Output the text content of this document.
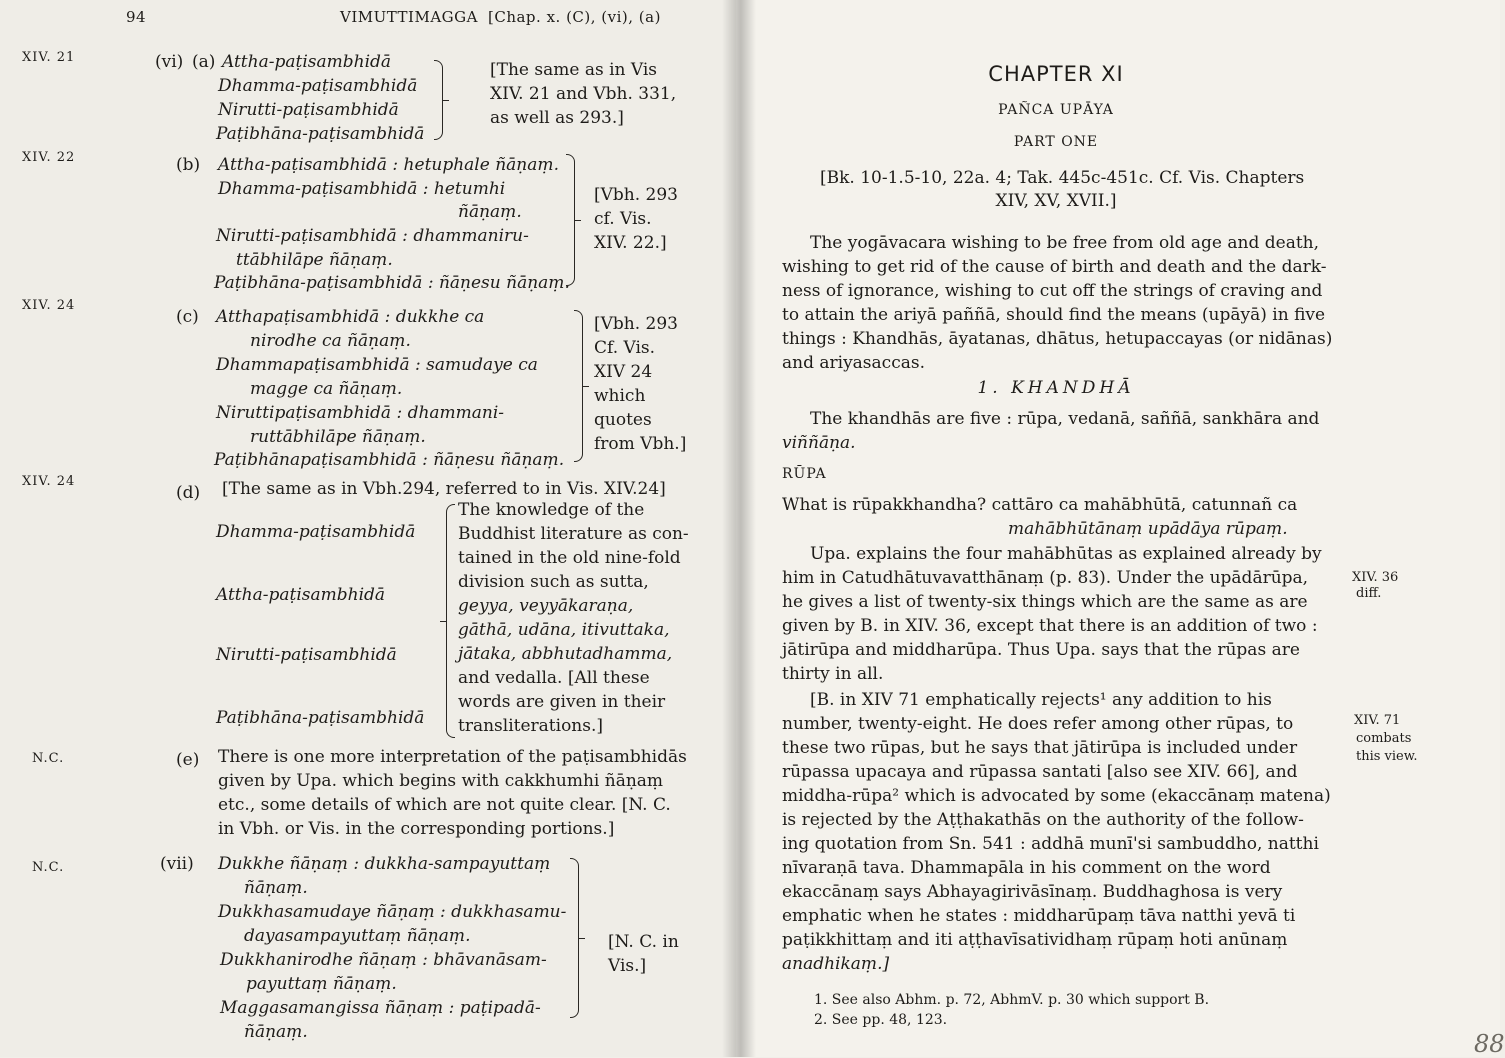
94	VIMUTTIMAGGA [Chap. x. (C), (vi), (a)
XIV. 21
XIV. 22
XIV. 24
XIV. 24
N.C.
N.C.
(vi) (a) Attha-paṭisambhidā
Dhamma-paṭisambhidā
Nirutti-paṭisambhidā
Paṭibhāna-paṭisambhidā
[The same as in Vis
XIV. 21 and Vbh. 331,
as well as 293.]
(b) Attha-paṭisambhidā : hetuphale ñāṇaṃ.
Dhamma-paṭisambhidā : hetumhi
ñāṇaṃ.
Nirutti-paṭisambhidā : dhammaniru-
ttābhilāpe ñāṇaṃ.
Paṭibhāna-paṭisambhidā : ñāṇesu ñāṇaṃ.
[Vbh. 293
cf. Vis.
XIV. 22.]
(c) Atthapaṭisambhidā : dukkhe ca
nirodhe ca ñāṇaṃ.
Dhammapaṭisambhidā : samudaye ca
magge ca ñāṇaṃ.
Niruttipaṭisambhidā : dhammani-
ruttābhilāpe ñāṇaṃ.
Paṭibhānapaṭisambhidā : ñāṇesu ñāṇaṃ.
[Vbh. 293
Cf. Vis.
XIV 24
which
quotes
from Vbh.]
(d) [The same as in Vbh.294, referred to in Vis. XIV.24]
Dhamma-paṭisambhidā
Attha-paṭisambhidā
Nirutti-paṭisambhidā
Paṭibhāna-paṭisambhidā
The knowledge of the
Buddhist literature as con-
tained in the old nine-fold
division such as sutta,
geyya, veyyākaraṇa,
gāthā, udāna, itivuttaka,
jātaka, abbhutadhamma,
and vedalla. [All these
words are given in their
transliterations.]
(e) There is one more interpretation of the paṭisambhidās
given by Upa. which begins with cakkhumhi ñāṇaṃ
etc., some details of which are not quite clear. [N. C.
in Vbh. or Vis. in the corresponding portions.]
(vii) Dukkhe ñāṇaṃ : dukkha-sampayuttaṃ
ñāṇaṃ.
Dukkhasamudaye ñāṇaṃ : dukkhasamu-
dayasampayuttaṃ ñāṇaṃ.
Dukkhanirodhe ñāṇaṃ : bhāvanāsam-
payuttaṃ ñāṇaṃ.
Maggasamangissa ñāṇaṃ : paṭipadā-
ñāṇaṃ.
[N. C. in
Vis.]
CHAPTER XI
PAÑCA UPĀYA
PART ONE
[Bk. 10-1.5-10, 22a. 4; Tak. 445c-451c. Cf. Vis. Chapters
XIV, XV, XVII.]
The yogāvacara wishing to be free from old age and death,
wishing to get rid of the cause of birth and death and the dark-
ness of ignorance, wishing to cut off the strings of craving and
to attain the ariyā paññā, should find the means (upāyā) in five
things : Khandhās, āyatanas, dhātus, hetupaccayas (or nidānas)
and ariyasaccas.
1. KHANDHĀ
The khandhās are five : rūpa, vedanā, saññā, sankhāra and
viññāṇa.
RŪPA
What is rūpakkhandha? cattāro ca mahābhūtā, catunnañ ca
mahābhūtānaṃ upādāya rūpaṃ.
Upa. explains the four mahābhūtas as explained already by
him in Catudhātuvavatthānaṃ (p. 83). Under the upādārūpa,
he gives a list of twenty-six things which are the same as are
given by B. in XIV. 36, except that there is an addition of two :
jātirūpa and middharūpa. Thus Upa. says that the rūpas are
thirty in all.
[B. in XIV 71 emphatically rejects¹ any addition to his
number, twenty-eight. He does refer among other rūpas, to
these two rūpas, but he says that jātirūpa is included under
rūpassa upacaya and rūpassa santati [also see XIV. 66], and
middha-rūpa² which is advocated by some (ekaccānaṃ matena)
is rejected by the Aṭṭhakathās on the authority of the follow-
ing quotation from Sn. 541 : addhā munī'si sambuddho, natthi
nīvaraṇā tava. Dhammapāla in his comment on the word
ekaccānaṃ says Abhayagirivāsīnaṃ. Buddhaghosa is very
emphatic when he states : middharūpaṃ tāva natthi yevā ti
paṭikkhittaṃ and iti aṭṭhavīsatividhaṃ rūpaṃ hoti anūnaṃ
anadhikaṃ.]
XIV. 36
diff.
XIV. 71
combats
this view.
1. See also Abhm. p. 72, AbhmV. p. 30 which support B.
2. See pp. 48, 123.
88
